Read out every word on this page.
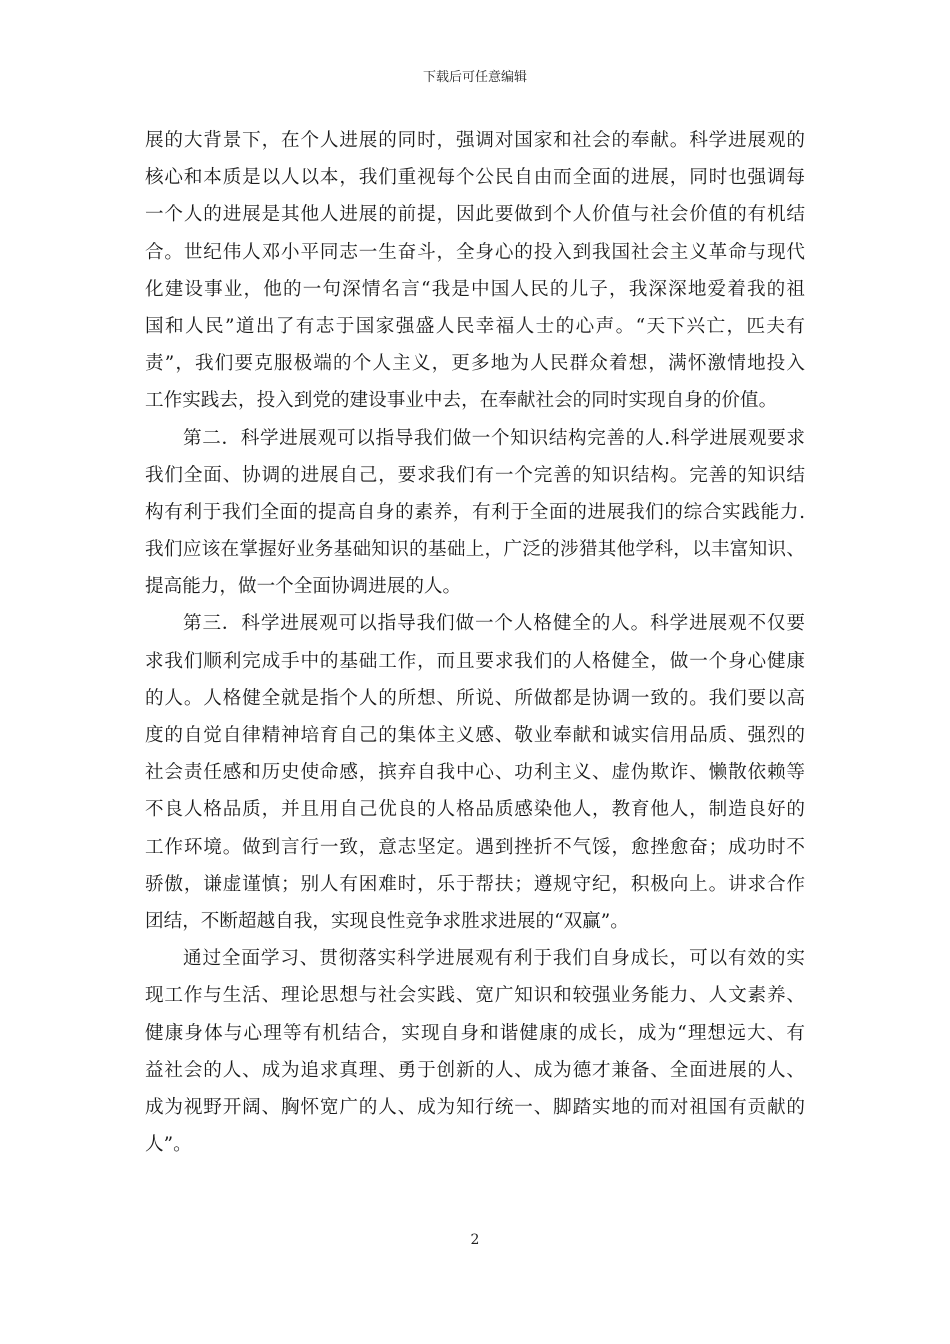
下载后可任意编辑
展的大背景下，在个人进展的同时，强调对国家和社会的奉献。科学进展观的
核心和本质是以人以本，我们重视每个公民自由而全面的进展，同时也强调每
一个人的进展是其他人进展的前提，因此要做到个人价值与社会价值的有机结
合。世纪伟人邓小平同志一生奋斗，全身心的投入到我国社会主义革命与现代
化建设事业，他的一句深情名言“我是中国人民的儿子，我深深地爱着我的祖
国和人民”道出了有志于国家强盛人民幸福人士的心声。“天下兴亡，匹夫有
责”，我们要克服极端的个人主义，更多地为人民群众着想，满怀激情地投入
工作实践去，投入到党的建设事业中去，在奉献社会的同时实现自身的价值。
第二．科学进展观可以指导我们做一个知识结构完善的人.科学进展观要求
我们全面、协调的进展自己，要求我们有一个完善的知识结构。完善的知识结
构有利于我们全面的提高自身的素养，有利于全面的进展我们的综合实践能力.
我们应该在掌握好业务基础知识的基础上，广泛的涉猎其他学科，以丰富知识、
提高能力，做一个全面协调进展的人。
第三．科学进展观可以指导我们做一个人格健全的人。科学进展观不仅要
求我们顺利完成手中的基础工作，而且要求我们的人格健全，做一个身心健康
的人。人格健全就是指个人的所想、所说、所做都是协调一致的。我们要以高
度的自觉自律精神培育自己的集体主义感、敬业奉献和诚实信用品质、强烈的
社会责任感和历史使命感，摈弃自我中心、功利主义、虚伪欺诈、懒散依赖等
不良人格品质，并且用自己优良的人格品质感染他人，教育他人，制造良好的
工作环境。做到言行一致，意志坚定。遇到挫折不气馁，愈挫愈奋；成功时不
骄傲，谦虚谨慎；别人有困难时，乐于帮扶；遵规守纪，积极向上。讲求合作
团结，不断超越自我，实现良性竞争求胜求进展的“双赢”。
通过全面学习、贯彻落实科学进展观有利于我们自身成长，可以有效的实
现工作与生活、理论思想与社会实践、宽广知识和较强业务能力、人文素养、
健康身体与心理等有机结合，实现自身和谐健康的成长，成为“理想远大、有
益社会的人、成为追求真理、勇于创新的人、成为德才兼备、全面进展的人、
成为视野开阔、胸怀宽广的人、成为知行统一、脚踏实地的而对祖国有贡献的
人”。
2
